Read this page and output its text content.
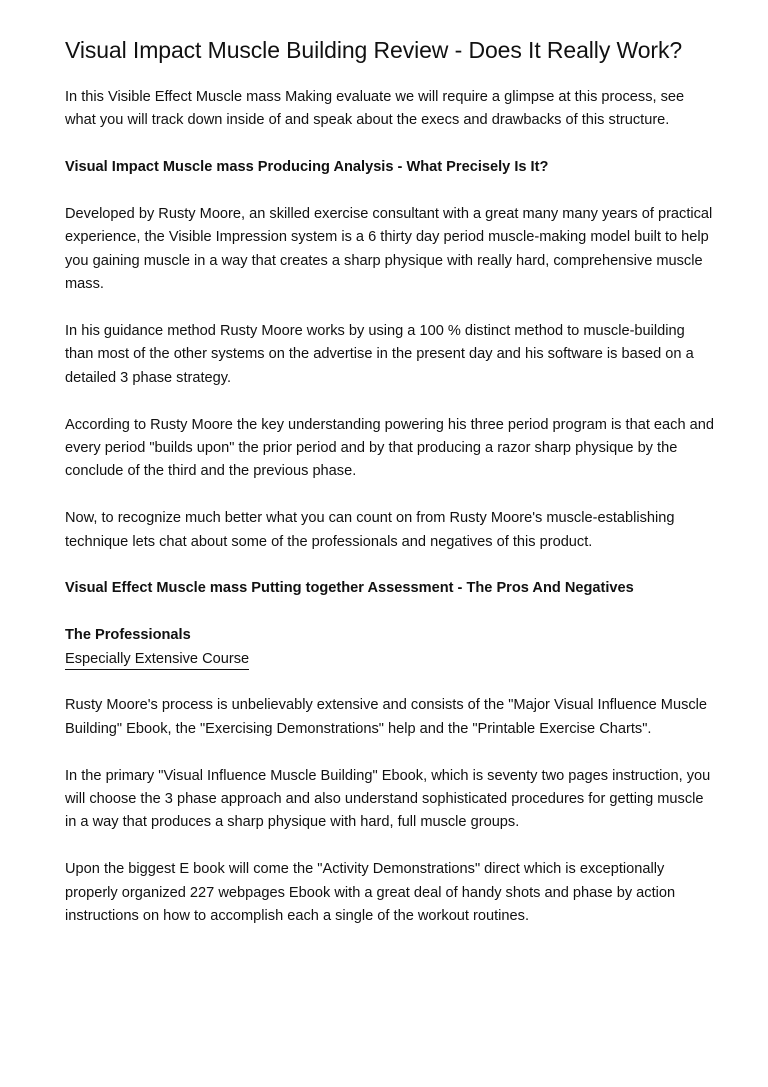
Visual Impact Muscle Building Review - Does It Really Work?

In this Visible Effect Muscle mass Making evaluate we will require a glimpse at this process, see what you will track down inside of and speak about the execs and drawbacks of this structure.

Visual Impact Muscle mass Producing Analysis - What Precisely Is It?

Developed by Rusty Moore, an skilled exercise consultant with a great many many years of practical experience, the Visible Impression system is a 6 thirty day period muscle-making model built to help you gaining muscle in a way that creates a sharp physique with really hard, comprehensive muscle mass.

In his guidance method Rusty Moore works by using a 100 % distinct method to muscle-building than most of the other systems on the advertise in the present day and his software is based on a detailed 3 phase strategy.

According to Rusty Moore the key understanding powering his three period program is that each and every period "builds upon" the prior period and by that producing a razor sharp physique by the conclude of the third and the previous phase.

Now, to recognize much better what you can count on from Rusty Moore's muscle-establishing technique lets chat about some of the professionals and negatives of this product.

Visual Effect Muscle mass Putting together Assessment - The Pros And Negatives

The Professionals

Especially Extensive Course

Rusty Moore's process is unbelievably extensive and consists of the "Major Visual Influence Muscle Building" Ebook, the "Exercising Demonstrations" help and the "Printable Exercise Charts".

In the primary "Visual Influence Muscle Building" Ebook, which is seventy two pages instruction, you will choose the 3 phase approach and also understand sophisticated procedures for getting muscle in a way that produces a sharp physique with hard, full muscle groups.

Upon the biggest E book will come the "Activity Demonstrations" direct which is exceptionally properly organized 227 webpages Ebook with a great deal of handy shots and phase by action instructions on how to accomplish each a single of the workout routines.
